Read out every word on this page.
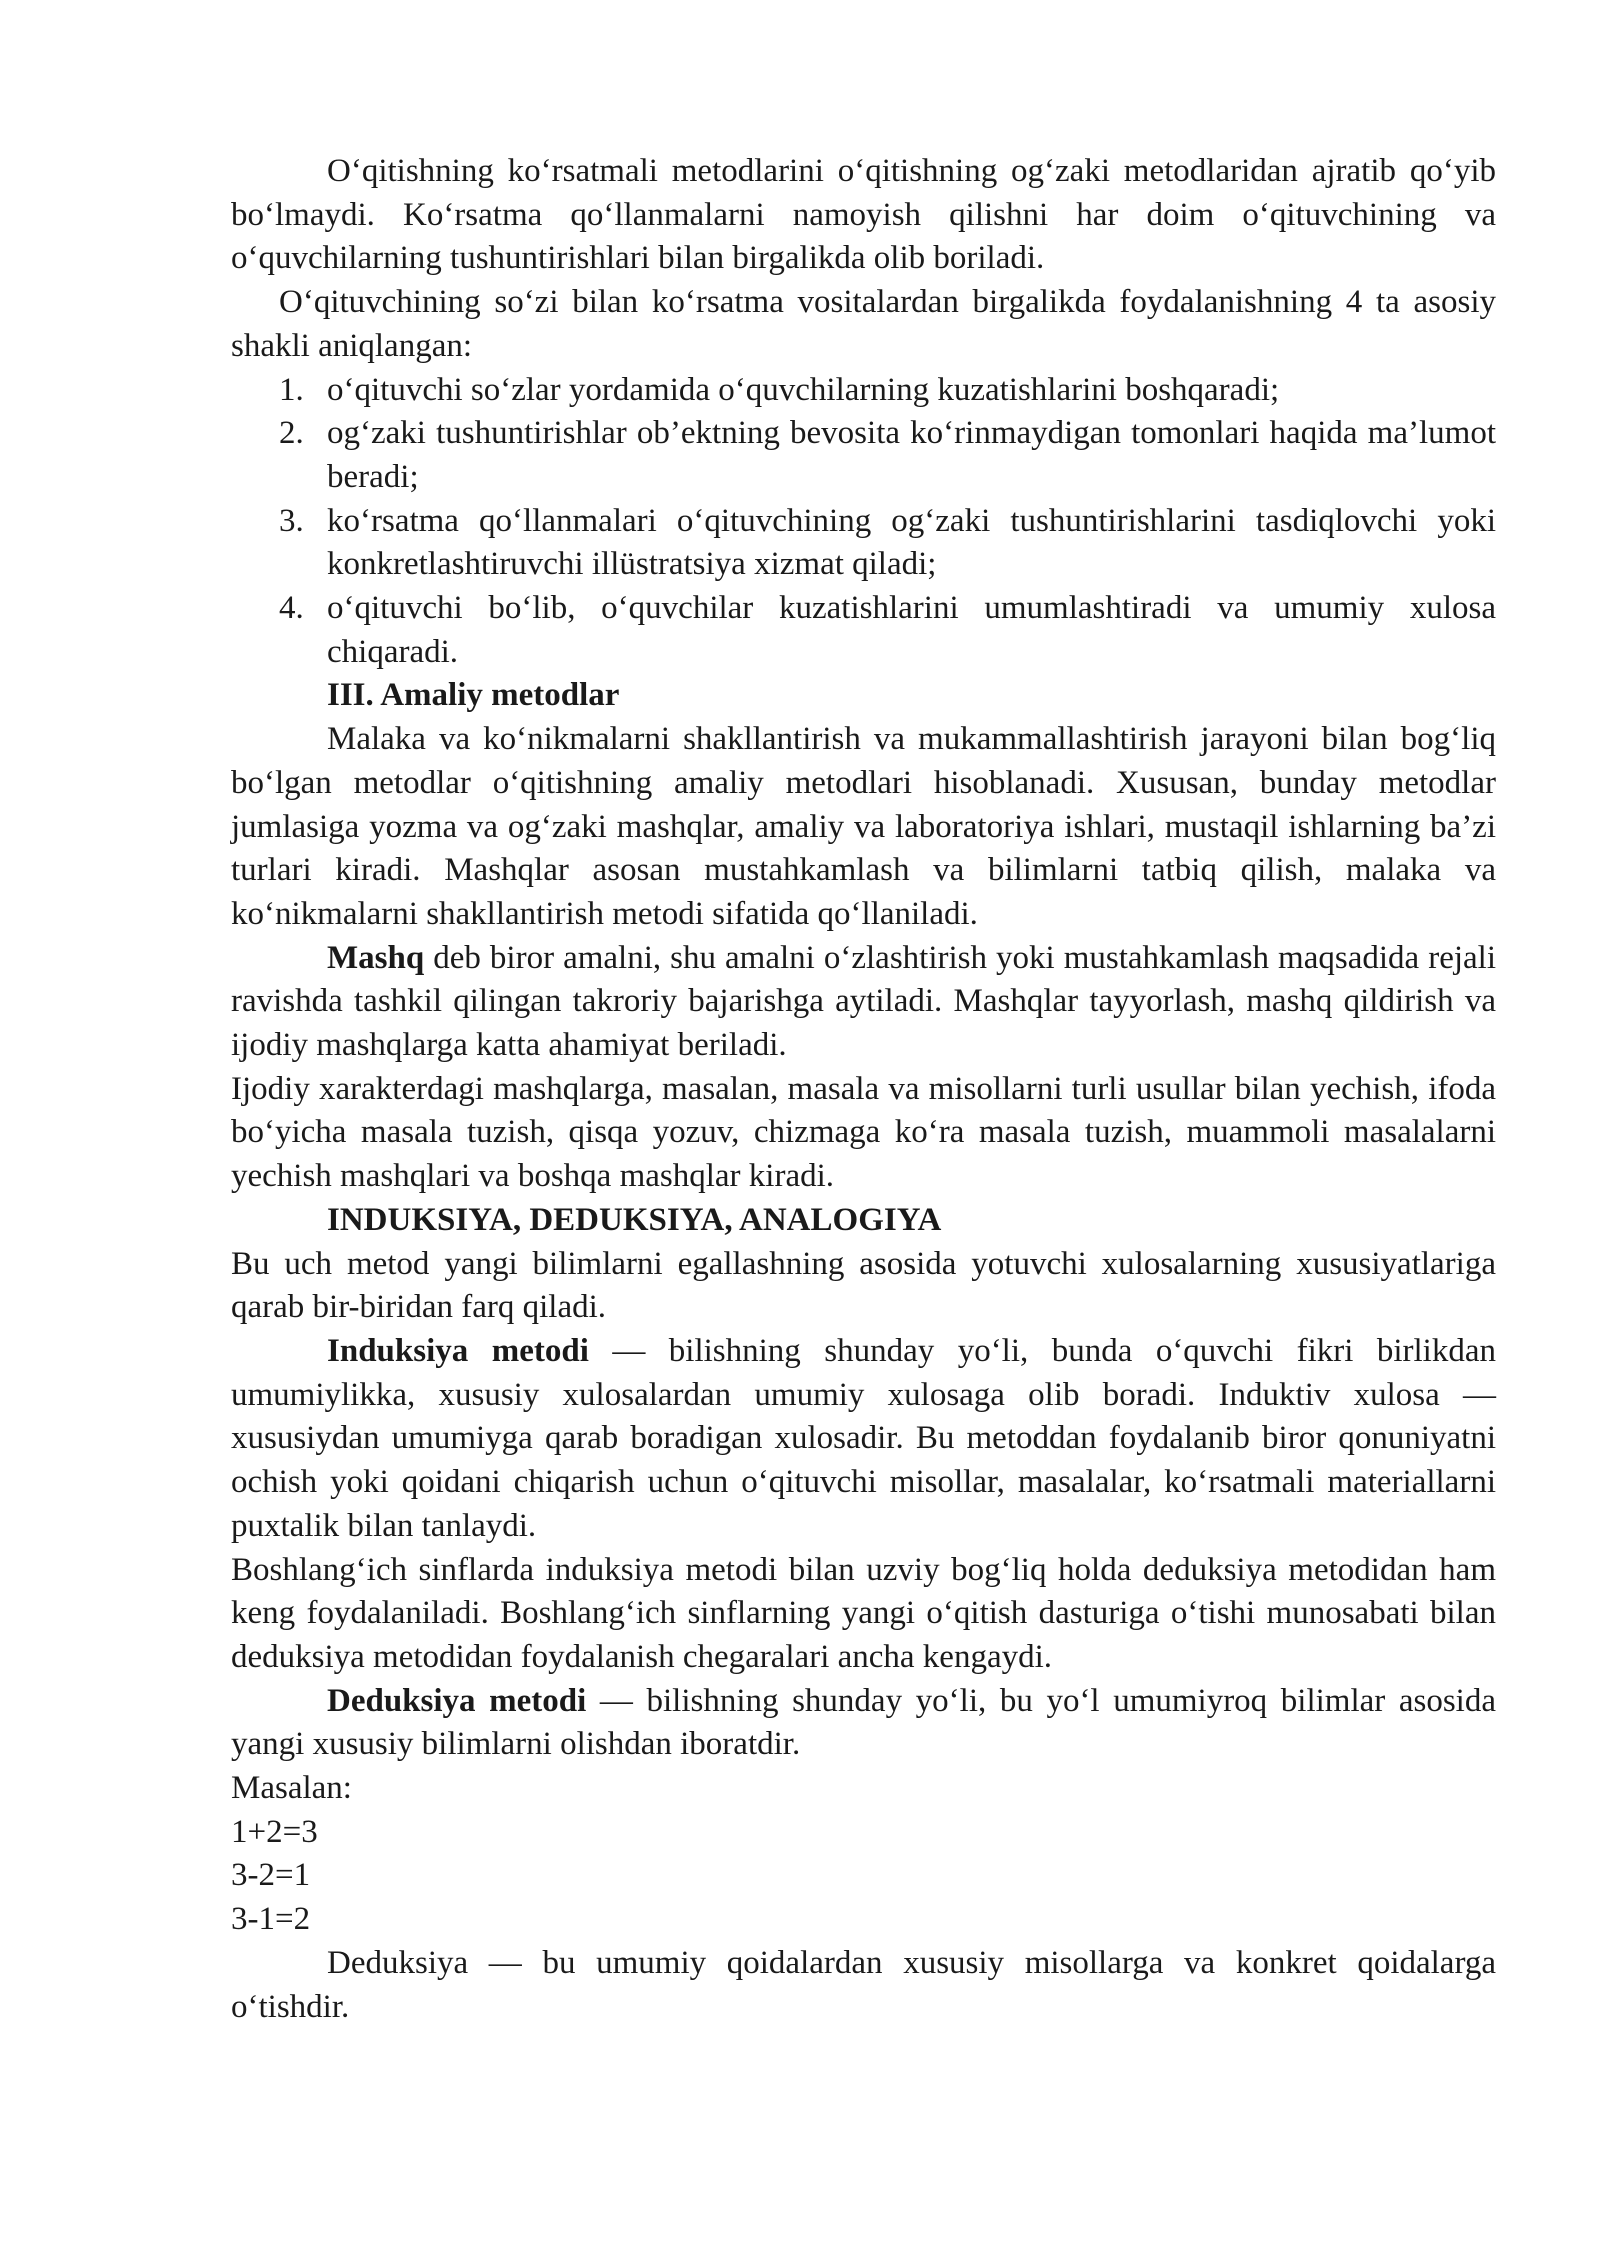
O‘qitishning ko‘rsatmali metodlarini o‘qitishning og‘zaki metodlaridan ajratib qo‘yib bo‘lmaydi. Ko‘rsatma qo‘llanmalarni namoyish qilishni har doim o‘qituvchining va o‘quvchilarning tushuntirishlari bilan birgalikda olib boriladi.

O‘qituvchining so‘zi bilan ko‘rsatma vositalardan birgalikda foydalanishning 4 ta asosiy shakli aniqlangan:

1. o‘qituvchi so‘zlar yordamida o‘quvchilarning kuzatishlarini boshqaradi;
2. og‘zaki tushuntirishlar ob’ektning bevosita ko‘rinmaydigan tomonlari haqida ma’lumot beradi;
3. ko‘rsatma qo‘llanmalari o‘qituvchining og‘zaki tushuntirishlarini tasdiqlovchi yoki konkretlashtiruvchi illüstratsiya xizmat qiladi;
4. o‘qituvchi bo‘lib, o‘quvchilar kuzatishlarini umumlashtiradi va umumiy xulosa chiqaradi.

III. Amaliy metodlar

Malaka va ko‘nikmalarni shakllantirish va mukammallashtirish jarayoni bilan bog‘liq bo‘lgan metodlar o‘qitishning amaliy metodlari hisoblanadi. Xususan, bunday metodlar jumlasiga yozma va og‘zaki mashqlar, amaliy va laboratoriya ishlari, mustaqil ishlarning ba’zi turlari kiradi. Mashqlar asosan mustahkamlash va bilimlarni tatbiq qilish, malaka va ko‘nikmalarni shakllantirish metodi sifatida qo‘llaniladi.

Mashq deb biror amalni, shu amalni o‘zlashtirish yoki mustahkamlash maqsadida rejali ravishda tashkil qilingan takroriy bajarishga aytiladi. Mashqlar tayyorlash, mashq qildirish va ijodiy mashqlarga katta ahamiyat beriladi.

Ijodiy xarakterdagi mashqlarga, masalan, masala va misollarni turli usullar bilan yechish, ifoda bo‘yicha masala tuzish, qisqa yozuv, chizmaga ko‘ra masala tuzish, muammoli masalalarni yechish mashqlari va boshqa mashqlar kiradi.

INDUKSIYA, DEDUKSIYA, ANALOGIYA

Bu uch metod yangi bilimlarni egallashning asosida yotuvchi xulosalarning xususiyatlariga qarab bir-biridan farq qiladi.

Induksiya metodi — bilishning shunday yo‘li, bunda o‘quvchi fikri birlikdan umumiylikka, xususiy xulosalardan umumiy xulosaga olib boradi. Induktiv xulosa — xususiydan umumiyga qarab boradigan xulosadir. Bu metoddan foydalanib biror qonuniyatni ochish yoki qoidani chiqarish uchun o‘qituvchi misollar, masalalar, ko‘rsatmali materiallarni puxtalik bilan tanlaydi.

Boshlang‘ich sinflarda induksiya metodi bilan uzviy bog‘liq holda deduksiya metodidan ham keng foydalaniladi. Boshlang‘ich sinflarning yangi o‘qitish dasturiga o‘tishi munosabati bilan deduksiya metodidan foydalanish chegaralari ancha kengaydi.

Deduksiya metodi — bilishning shunday yo‘li, bu yo‘l umumiyroq bilimlar asosida yangi xususiy bilimlarni olishdan iboratdir.

Masalan:

1+2=3

3-2=1

3-1=2

Deduksiya — bu umumiy qoidalardan xususiy misollarga va konkret qoidalarga o‘tishdir.
